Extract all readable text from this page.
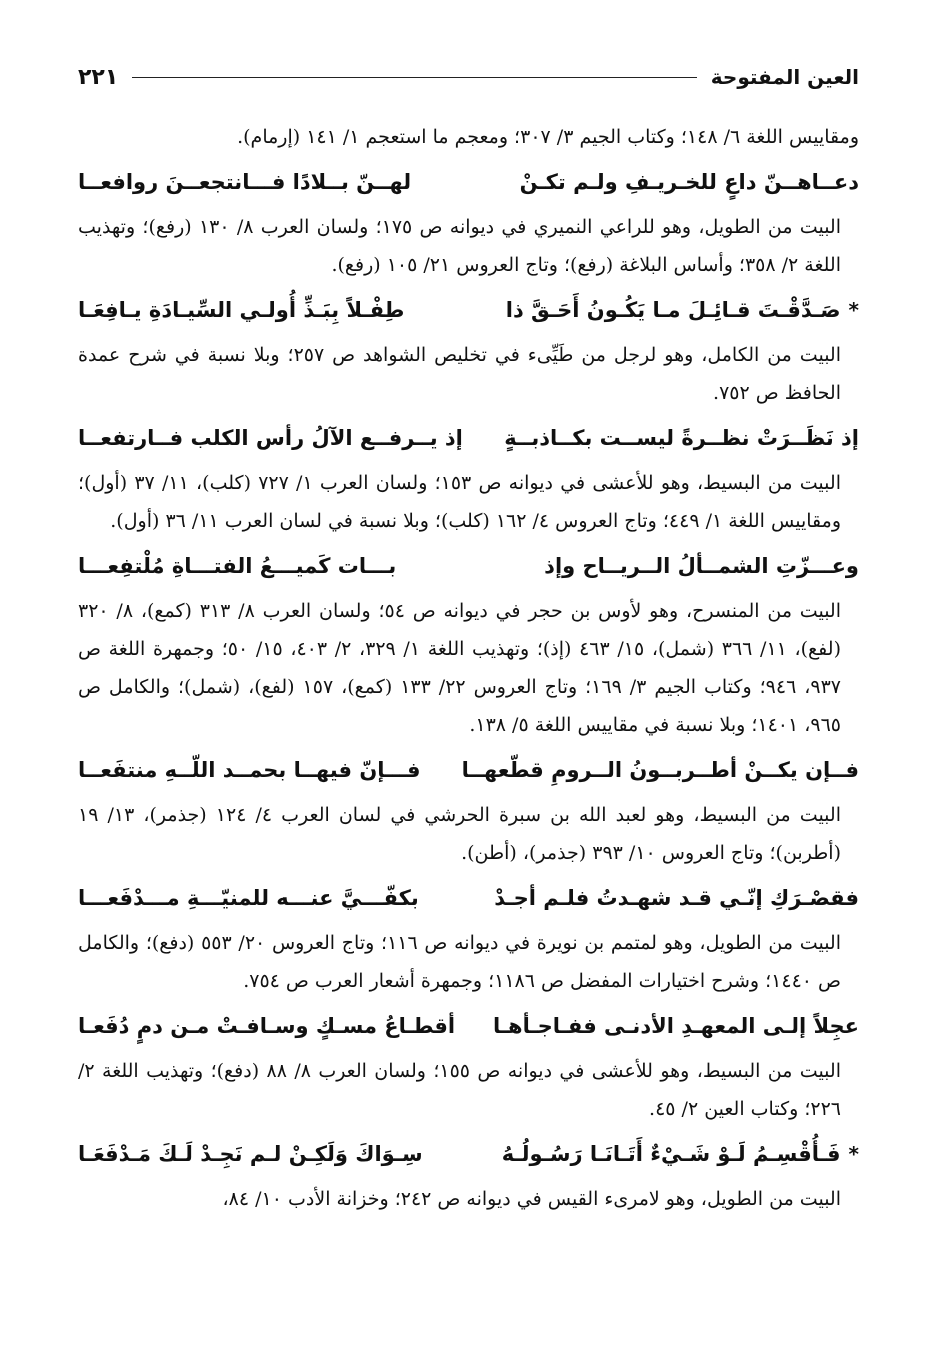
العين المفتوحة
٢٢١

ومقاييس اللغة ٦/ ١٤٨؛ وكتاب الجيم ٣/ ٣٠٧؛ ومعجم ما استعجم ١/ ١٤١ (إرمام).

دعــاهــنّ داعٍ للخـريـفِ ولـم تكـنْ
لهــنّ بــلادًا فـــانتجعــنَ روافعــا

البيت من الطويل، وهو للراعي النميري في ديوانه ص ١٧٥؛ ولسان العرب ٨/ ١٣٠ (رفع)؛ وتهذيب اللغة ٢/ ٣٥٨؛ وأساس البلاغة (رفع)؛ وتاج العروس ٢١/ ١٠٥ (رفع).

*
صَـدَّقْـتَ قـائِـلَ مـا يَكُـونُ أَحَـقَّ ذا
طِفْـلاً بِبَـذِّ أُولـي السِّيـادَةِ يـافِعَـا

البيت من الكامل، وهو لرجل من طَيِّىء في تخليص الشواهد ص ٢٥٧؛ وبلا نسبة في شرح عمدة الحافظ ص ٧٥٢.

إذ نَظَــرَتْ نظــرةً ليســت بكــاذبــةٍ
إذ يــرفــع الآلُ رأس الكلب فــارتفعــا

البيت من البسيط، وهو للأعشى في ديوانه ص ١٥٣؛ ولسان العرب ١/ ٧٢٧ (كلب)، ١١/ ٣٧ (أول)؛ ومقاييس اللغة ١/ ٤٤٩؛ وتاج العروس ٤/ ١٦٢ (كلب)؛ وبلا نسبة في لسان العرب ١١/ ٣٦ (أول).

وعـــزّتِ الشمــألُ الــريــاح وإذ
بـــات كَميـــعُ الفتـــاةِ مُلْتفِعـــا

البيت من المنسرح، وهو لأوس بن حجر في ديوانه ص ٥٤؛ ولسان العرب ٨/ ٣١٣ (كمع)، ٨/ ٣٢٠ (لفع)، ١١/ ٣٦٦ (شمل)، ١٥/ ٤٦٣ (إذ)؛ وتهذيب اللغة ١/ ٣٢٩، ٢/ ٤٠٣، ١٥/ ٥٠؛ وجمهرة اللغة ص ٩٣٧، ٩٤٦؛ وكتاب الجيم ٣/ ١٦٩؛ وتاج العروس ٢٢/ ١٣٣ (كمع)، ١٥٧ (لفع)، (شمل)؛ والكامل ص ٩٦٥، ١٤٠١؛ وبلا نسبة في مقاييس اللغة ٥/ ١٣٨.

فــإن يكــنْ أطــربــونُ الــرومِ قطّعهــا
فـــإنّ فيهــا بحمــد اللّــهِ منتفَعــا

البيت من البسيط، وهو لعبد الله بن سبرة الحرشي في لسان العرب ٤/ ١٢٤ (جذمر)، ١٣/ ١٩ (أطربن)؛ وتاج العروس ١٠/ ٣٩٣ (جذمر)، (أطن).

فقصْـرَكِ إنّـي قـد شهـدتُ فلـم أجـدْ
بكفّـــيَّ عنـــه للمنيّـــةِ مـــدْفَعـــا

البيت من الطويل، وهو لمتمم بن نويرة في ديوانه ص ١١٦؛ وتاج العروس ٢٠/ ٥٥٣ (دفع)؛ والكامل ص ١٤٤٠؛ وشرح اختيارات المفضل ص ١١٨٦؛ وجمهرة أشعار العرب ص ٧٥٤.

عجِلاً إلـى المعهـدِ الأدنـى ففـاجـأهـا
أقطـاعُ مسـكٍ وسـافـتْ مـن دمٍ دُفَعـا

البيت من البسيط، وهو للأعشى في ديوانه ص ١٥٥؛ ولسان العرب ٨/ ٨٨ (دفع)؛ وتهذيب اللغة ٢/ ٢٢٦؛ وكتاب العين ٢/ ٤٥.

*
فَـأُقْسِـمُ لَـوْ شَـيْءٌ أَتَـانَـا رَسُـولُـهُ
سِـوَاكَ وَلَكِـنْ لـم نَجِـدْ لَـكَ مَـدْفَعَـا

البيت من الطويل، وهو لامرىء القيس في ديوانه ص ٢٤٢؛ وخزانة الأدب ١٠/ ٨٤،
